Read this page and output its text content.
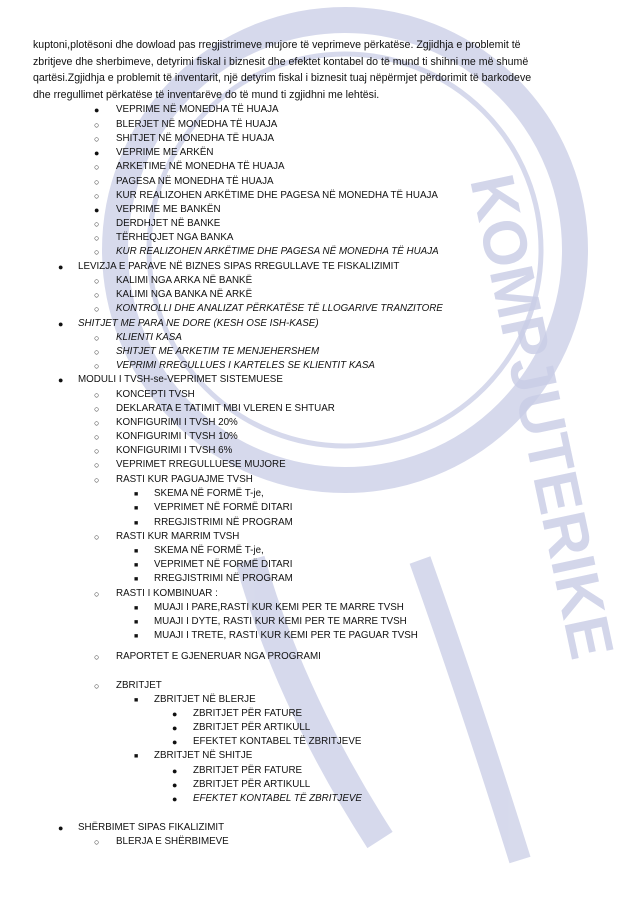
KOMPJUTERIKE
kuptoni,plotësoni dhe dowload pas rregjistrimeve mujore të veprimeve përkatëse. Zgjidhja e problemit të
zbritjeve dhe sherbimeve, detyrimi fiskal i biznesit dhe efektet kontabel do të mund ti shihni me më shumë
qartësi.Zgjidhja e problemit të inventarit, një detyrim fiskal i biznesit tuaj nëpërmjet përdorimit të barkodeve
dhe rregullimet përkatëse të inventarëve do të mund ti zgjidhni me lehtësi.
● VEPRIME NË MONEDHA TË HUAJA
○ BLERJET NË MONEDHA TË HUAJA
○ SHITJET NË MONEDHA TË HUAJA
● VEPRIME ME ARKËN
○ ARKETIME NË MONEDHA TË HUAJA
○ PAGESA NË MONEDHA TË HUAJA
○ KUR REALIZOHEN ARKËTIME DHE PAGESA NË MONEDHA TË HUAJA
● VEPRIME ME BANKËN
○ DERDHJET NË BANKE
○ TËRHEQJET NGA BANKA
○ KUR REALIZOHEN ARKËTIME DHE PAGESA NË MONEDHA TË HUAJA
● LEVIZJA E PARAVE NË BIZNES SIPAS RREGULLAVE TE FISKALIZIMIT
○ KALIMI NGA ARKA NË BANKË
○ KALIMI NGA BANKA NË ARKË
○ KONTROLLI DHE ANALIZAT PËRKATËSE TË LLOGARIVE TRANZITORE
● SHITJET ME PARA NE DORE (KESH OSE ISH-KASE)
○ KLIENTI KASA
○ SHITJET ME ARKETIM TE MENJEHERSHEM
○ VEPRIMI RREGULLUES I KARTELES SE KLIENTIT KASA
● MODULI I TVSH-se-VEPRIMET SISTEMUESE
○ KONCEPTI TVSH
○ DEKLARATA E TATIMIT MBI VLEREN E SHTUAR
○ KONFIGURIMI I TVSH 20%
○ KONFIGURIMI I TVSH 10%
○ KONFIGURIMI I TVSH 6%
○ VEPRIMET RREGULLUESE MUJORE
○ RASTI KUR PAGUAJME TVSH
■ SKEMA NË FORMË T-je,
■ VEPRIMET NË FORMË DITARI
■ RREGJISTRIMI NË PROGRAM
○ RASTI KUR MARRIM TVSH
■ SKEMA NË FORMË T-je,
■ VEPRIMET NË FORMË DITARI
■ RREGJISTRIMI NË PROGRAM
○ RASTI I KOMBINUAR :
■ MUAJI I PARE,RASTI KUR KEMI PER TE MARRE TVSH
■ MUAJI I DYTE, RASTI KUR KEMI PER TE MARRE TVSH
■ MUAJI I TRETE, RASTI KUR KEMI PER TE PAGUAR TVSH
○ RAPORTET E GJENERUAR NGA PROGRAMI
○ ZBRITJET
■ ZBRITJET NË BLERJE
● ZBRITJET PËR FATURE
● ZBRITJET PËR ARTIKULL
● EFEKTET KONTABEL TË ZBRITJEVE
■ ZBRITJET NË SHITJE
● ZBRITJET PËR FATURE
● ZBRITJET PËR ARTIKULL
● EFEKTET KONTABEL TË ZBRITJEVE
● SHËRBIMET SIPAS FIKALIZIMIT
○ BLERJA E SHËRBIMEVE
